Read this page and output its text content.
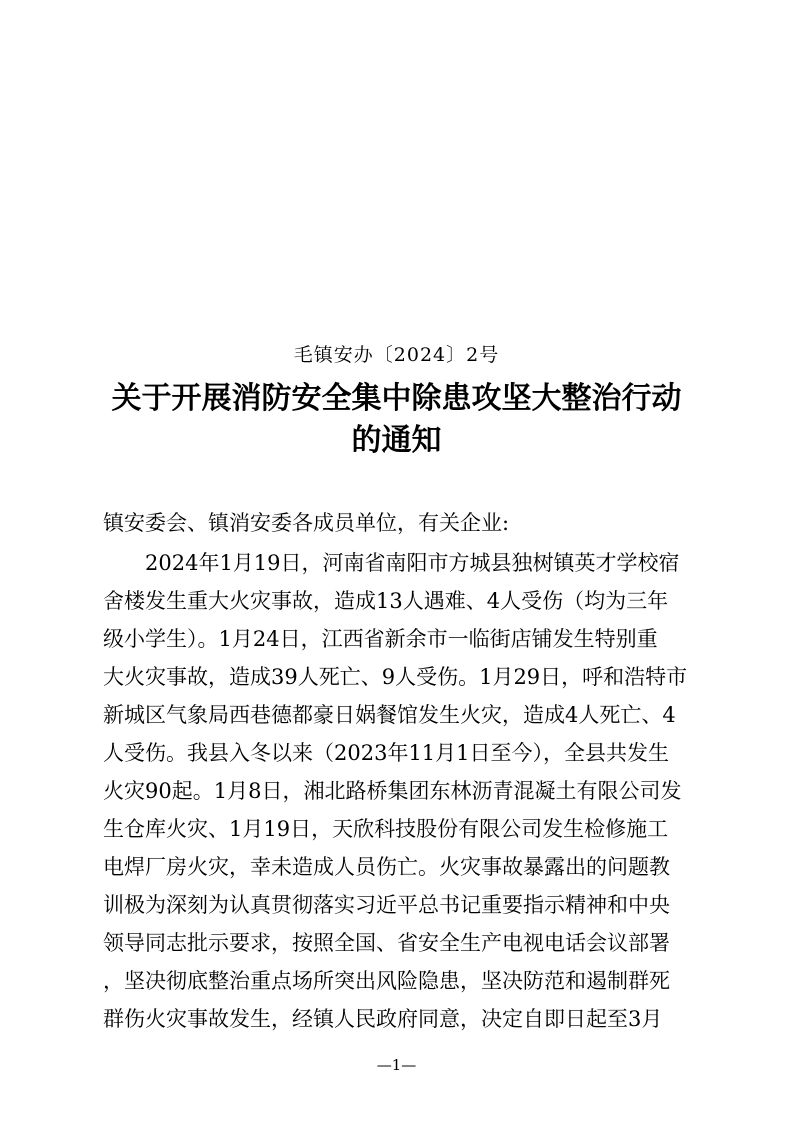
毛镇安办〔2024〕2号
关于开展消防安全集中除患攻坚大整治行动
的通知
镇安委会、镇消安委各成员单位，有关企业:
　　2024年1月19日，河南省南阳市方城县独树镇英才学校宿
舍楼发生重大火灾事故，造成13人遇难、4人受伤（均为三年
级小学生）。1月24日，江西省新余市一临街店铺发生特别重
大火灾事故，造成39人死亡、9人受伤。1月29日，呼和浩特市
新城区气象局西巷德都豪日娲餐馆发生火灾，造成4人死亡、4
人受伤。我县入冬以来（2023年11月1日至今），全县共发生
火灾90起。1月8日，湘北路桥集团东林沥青混凝土有限公司发
生仓库火灾、1月19日，天欣科技股份有限公司发生检修施工
电焊厂房火灾，幸未造成人员伤亡。火灾事故暴露出的问题教
训极为深刻为认真贯彻落实习近平总书记重要指示精神和中央
领导同志批示要求，按照全国、省安全生产电视电话会议部署
，坚决彻底整治重点场所突出风险隐患，坚决防范和遏制群死
群伤火灾事故发生，经镇人民政府同意，决定自即日起至3月
—1—
